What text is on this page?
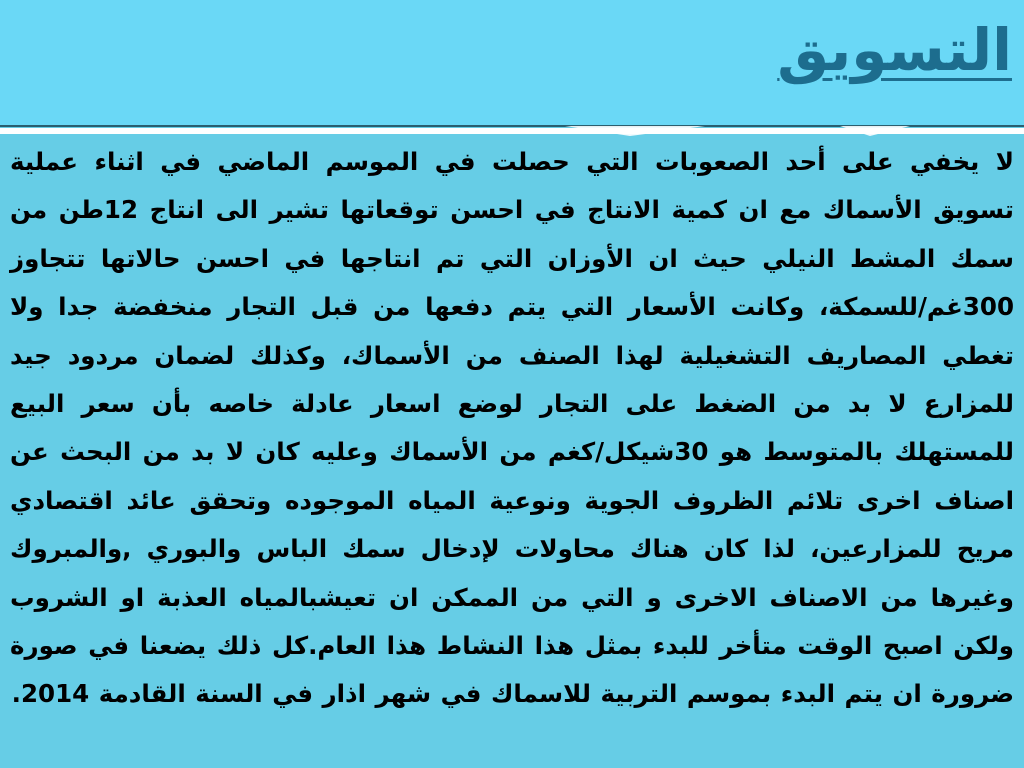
التسويق

لا يخفي على أحد الصعوبات التي حصلت في الموسم الماضي في اثناء عملية تسويق الأسماك مع ان كمية الانتاج في احسن توقعاتها تشير الى انتاج 12طن من سمك المشط النيلي حيث ان الأوزان التي تم انتاجها في احسن حالاتها تتجاوز 300غم/للسمكة، وكانت الأسعار التي يتم دفعها من قبل التجار منخفضة جدا ولا تغطي المصاريف التشغيلية لهذا الصنف من الأسماك، وكذلك لضمان مردود جيد للمزارع لا بد من الضغط على التجار لوضع اسعار عادلة خاصه بأن سعر البيع للمستهلك بالمتوسط هو 30شيكل/كغم من الأسماك وعليه كان لا بد من البحث عن اصناف اخرى تلائم الظروف الجوية ونوعية المياه الموجوده وتحقق عائد اقتصادي مريح للمزارعين، لذا كان هناك محاولات لإدخال سمك الباس والبوري ,والمبروك وغيرها من الاصناف الاخرى و التي من الممكن ان تعيشبالمياه العذبة او الشروب ولكن اصبح الوقت متأخر للبدء بمثل هذا النشاط هذا العام.كل ذلك يضعنا في صورة ضرورة ان يتم البدء بموسم التربية للاسماك في شهر اذار في السنة القادمة 2014.
